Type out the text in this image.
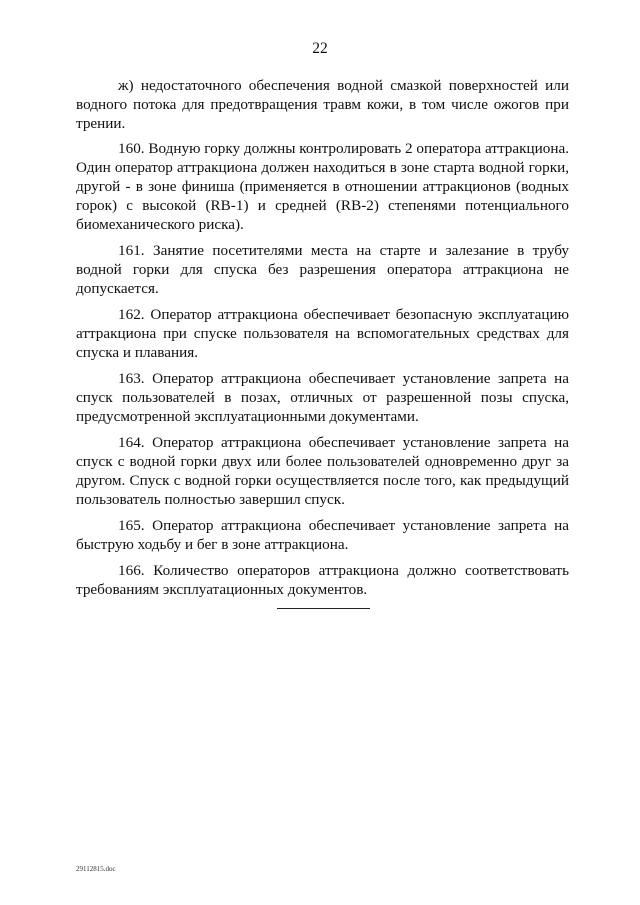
22

ж) недостаточного обеспечения водной смазкой поверхностей или водного потока для предотвращения травм кожи, в том числе ожогов при трении.

160. Водную горку должны контролировать 2 оператора аттракциона. Один оператор аттракциона должен находиться в зоне старта водной горки, другой - в зоне финиша (применяется в отношении аттракционов (водных горок) с высокой (RB-1) и средней (RB-2) степенями потенциального биомеханического риска).

161. Занятие посетителями места на старте и залезание в трубу водной горки для спуска без разрешения оператора аттракциона не допускается.

162. Оператор аттракциона обеспечивает безопасную эксплуатацию аттракциона при спуске пользователя на вспомогательных средствах для спуска и плавания.

163. Оператор аттракциона обеспечивает установление запрета на спуск пользователей в позах, отличных от разрешенной позы спуска, предусмотренной эксплуатационными документами.

164. Оператор аттракциона обеспечивает установление запрета на спуск с водной горки двух или более пользователей одновременно друг за другом. Спуск с водной горки осуществляется после того, как предыдущий пользователь полностью завершил спуск.

165. Оператор аттракциона обеспечивает установление запрета на быструю ходьбу и бег в зоне аттракциона.

166. Количество операторов аттракциона должно соответствовать требованиям эксплуатационных документов.

29112815.doc
